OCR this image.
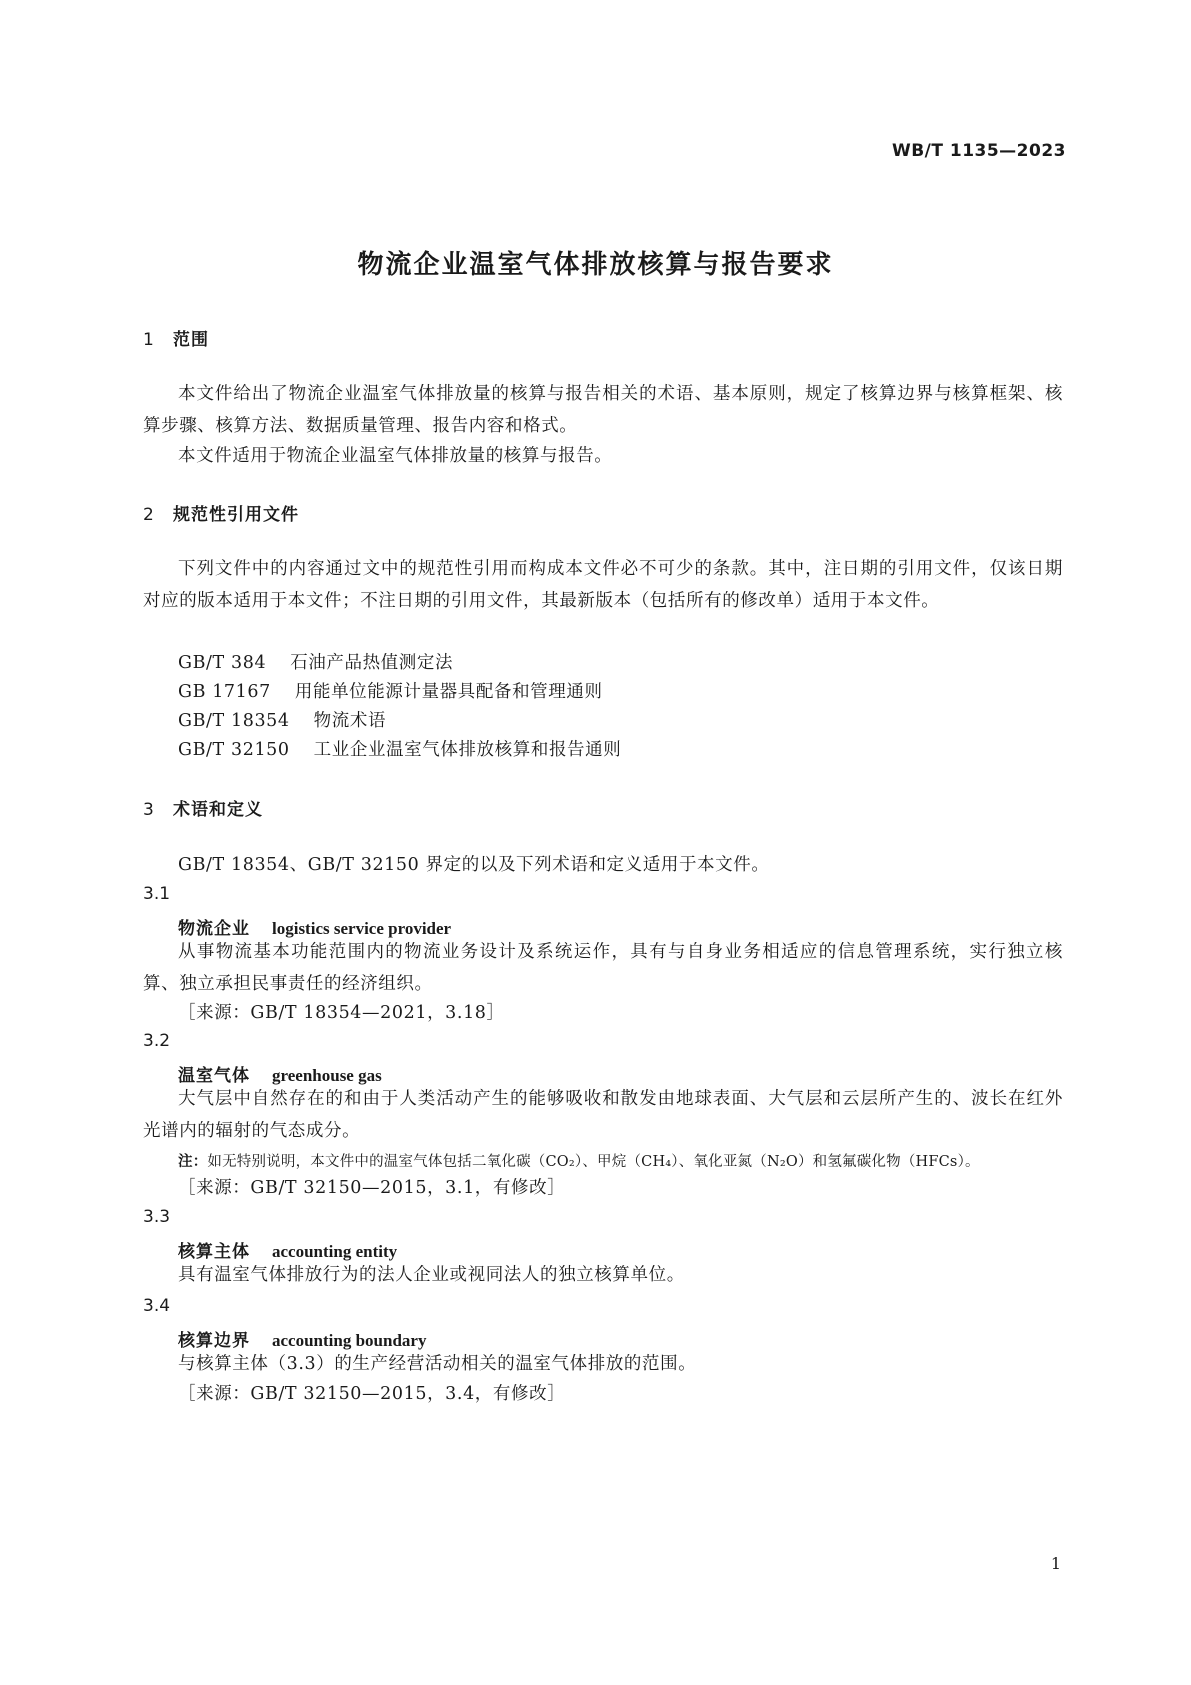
WB/T 1135—2023
物流企业温室气体排放核算与报告要求
1 范围
本文件给出了物流企业温室气体排放量的核算与报告相关的术语、基本原则，规定了核算边界与核算框架、核算步骤、核算方法、数据质量管理、报告内容和格式。
本文件适用于物流企业温室气体排放量的核算与报告。
2 规范性引用文件
下列文件中的内容通过文中的规范性引用而构成本文件必不可少的条款。其中，注日期的引用文件，仅该日期对应的版本适用于本文件；不注日期的引用文件，其最新版本（包括所有的修改单）适用于本文件。
GB/T 384 石油产品热值测定法
GB 17167 用能单位能源计量器具配备和管理通则
GB/T 18354 物流术语
GB/T 32150 工业企业温室气体排放核算和报告通则
3 术语和定义
GB/T 18354、GB/T 32150 界定的以及下列术语和定义适用于本文件。
3.1
物流企业 logistics service provider
从事物流基本功能范围内的物流业务设计及系统运作，具有与自身业务相适应的信息管理系统，实行独立核算、独立承担民事责任的经济组织。
［来源：GB/T 18354—2021，3.18］
3.2
温室气体 greenhouse gas
大气层中自然存在的和由于人类活动产生的能够吸收和散发由地球表面、大气层和云层所产生的、波长在红外光谱内的辐射的气态成分。
注：如无特别说明，本文件中的温室气体包括二氧化碳（CO₂）、甲烷（CH₄）、氧化亚氮（N₂O）和氢氟碳化物（HFCs）。
［来源：GB/T 32150—2015，3.1，有修改］
3.3
核算主体 accounting entity
具有温室气体排放行为的法人企业或视同法人的独立核算单位。
3.4
核算边界 accounting boundary
与核算主体（3.3）的生产经营活动相关的温室气体排放的范围。
［来源：GB/T 32150—2015，3.4，有修改］
1
